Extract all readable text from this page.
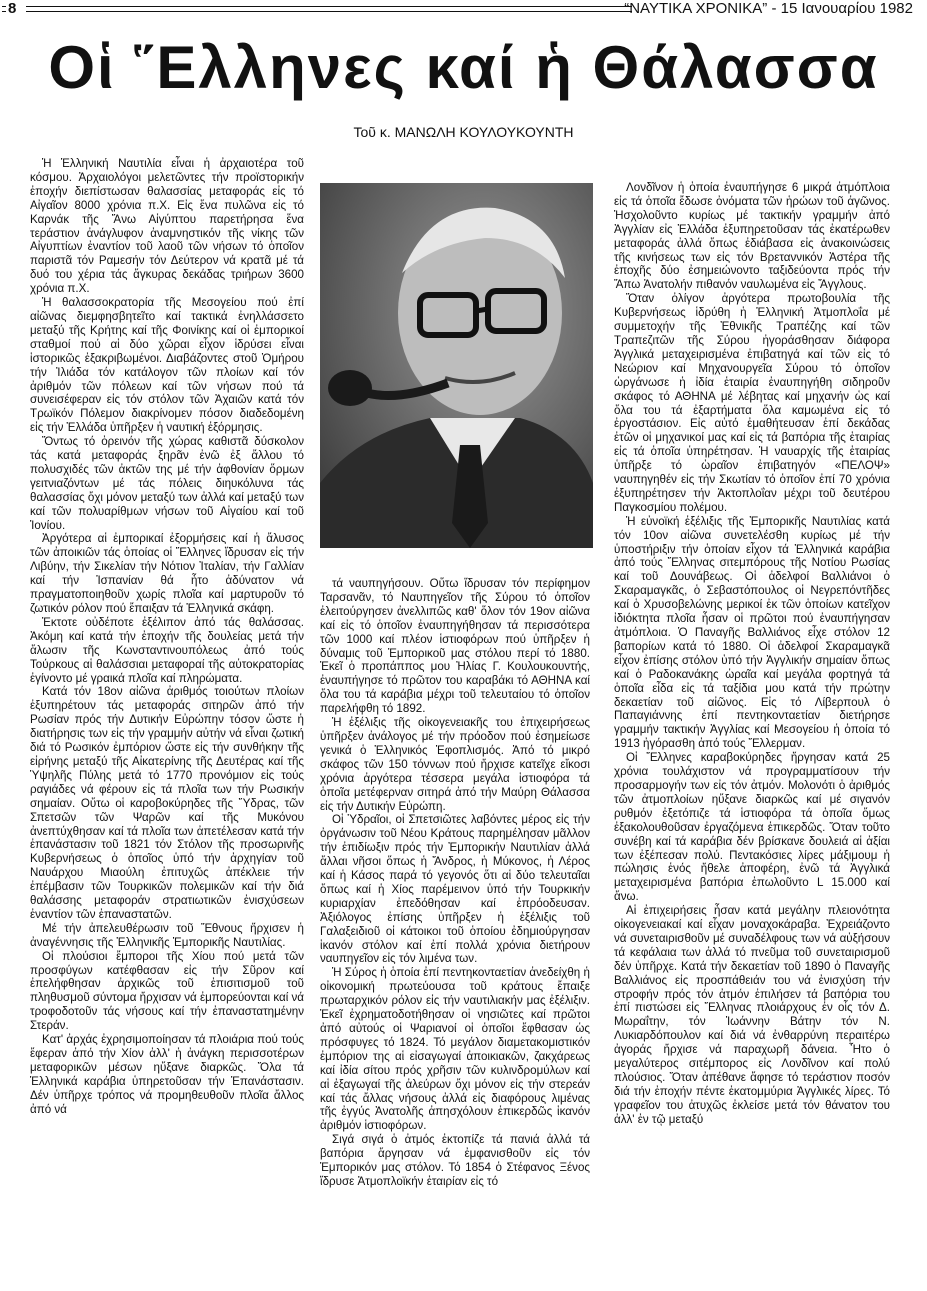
8	“ΝΑΥΤΙΚΑ ΧΡΟΝΙΚΑ” - 15 Ιανουαρίου 1982
Οἱ ῞Ελληνες καί ἡ Θάλασσα
Τοῦ κ. ΜΑΝΩΛΗ ΚΟΥΛΟΥΚΟΥΝΤΗ

Ἡ Ἑλληνική Ναυτιλία εἶναι ἡ ἀρχαιοτέρα τοῦ κόσμου. Ἀρχαιολόγοι μελετῶντες τήν προϊστορικήν ἐποχήν διεπίστωσαν θαλασσίας μεταφοράς εἰς τό Αἰγαῖον 8000 χρόνια π.Χ. Εἰς ἕνα πυλῶνα εἰς τό Καρνάκ τῆς Ἄνω Αἰγύπτου παρετήρησα ἕνα τεράστιον ἀνάγλυφον ἀναμνηστικόν τῆς νίκης τῶν Αἰγυπτίων ἐναντίον τοῦ λαοῦ τῶν νήσων τό ὁποῖον παριστᾶ τόν Ραμεσήν τόν Δεύτερον νά κρατᾶ μέ τά δυό του χέρια τάς ἄγκυρας δεκάδας τριήρων 3600 χρόνια π.Χ.

Ἡ θαλασσοκρατορία τῆς Μεσογείου πού ἐπί αἰῶνας διεμφησβητεῖτο καί τακτικά ἐνηλλάσσετο μεταξύ τῆς Κρήτης καί τῆς Φοινίκης καί οἱ ἐμπορικοί σταθμοί πού αἱ δύο χῶραι εἶχον ἱδρύσει εἶναι ἱστορικῶς ἐξακριβωμένοι. Διαβάζοντες στοῦ Ὁμήρου τήν Ἰλιάδα τόν κατάλογον τῶν πλοίων καί τόν ἀριθμόν τῶν πόλεων καί τῶν νήσων πού τά συνεισέφεραν εἰς τόν στόλον τῶν Ἀχαιῶν κατά τόν Τρωϊκόν Πόλεμον διακρίνομεν πόσον διαδεδομένη εἰς τήν Ἑλλάδα ὑπῆρξεν ἡ ναυτική ἐξόρμησις.

Ὄντως τό ὀρεινόν τῆς χώρας καθιστᾶ δύσκολον τάς κατά μεταφοράς ξηρᾶν ἐνῶ ἐξ ἄλλου τό πολυσχιδές τῶν ἀκτῶν της μέ τήν ἀφθονίαν ὅρμων γειτνιαζόντων μέ τάς πόλεις διηυκόλυνα τάς θαλασσίας ὄχι μόνον μεταξύ των ἀλλά καί μεταξύ των καί τῶν πολυαρίθμων νήσων τοῦ Αἰγαίου καί τοῦ Ἰονίου.

Ἀργότερα αἱ ἐμπορικαί ἐξορμήσεις καί ἡ ἄλυσος τῶν ἀποικιῶν τάς ὁποίας οἱ Ἕλληνες ἵδρυσαν εἰς τήν Λιβύην, τήν Σικελίαν τήν Νότιον Ἰταλίαν, τήν Γαλλίαν καί τήν Ἱσπανίαν θά ἦτο ἀδύνατον νά πραγματοποιηθοῦν χωρίς πλοῖα καί μαρτυροῦν τό ζωτικόν ρόλον πού ἔπαιξαν τά Ἑλληνικά σκάφη.

Ἐκτοτε οὐδέποτε ἐξέλιπον ἀπό τάς θαλάσσας. Ἀκόμη καί κατά τήν ἐποχήν τῆς δουλείας μετά τήν ἅλωσιν τῆς Κωνσταντινουπόλεως ἀπό τούς Τούρκους αἱ θαλάσσιαι μεταφοραί τῆς αὐτοκρατορίας ἐγίνοντο μέ γραικά πλοῖα καί πληρώματα.

Κατά τόν 18ον αἰῶνα ἀριθμός τοιούτων πλοίων ἐξυπηρέτουν τάς μεταφοράς σιτηρῶν ἀπό τήν Ρωσίαν πρός τήν Δυτικήν Εὐρώπην τόσον ὥστε ἡ διατήρησις των εἰς τήν γραμμήν αὐτήν νά εἶναι ζωτική διά τό Ρωσικόν ἐμπόριον ὥστε εἰς τήν συνθήκην τῆς εἰρήνης μεταξύ τῆς Αἰκατερίνης τῆς Δευτέρας καί τῆς Ὑψηλῆς Πύλης μετά τό 1770 προνόμιον εἰς τούς ραγιάδες νά φέρουν εἰς τά πλοῖα των τήν Ρωσικήν σημαίαν. Οὕτω οἱ καροβοκύρηδες τῆς Ὕδρας, τῶν Σπετσῶν τῶν Ψαρῶν καί τῆς Μυκόνου ἀνεπτύχθησαν καί τά πλοῖα των ἀπετέλεσαν κατά τήν ἐπανάστασιν τοῦ 1821 τόν Στόλον τῆς προσωρινῆς Κυβερνήσεως ὁ ὁποῖος ὑπό τήν ἀρχηγίαν τοῦ Ναυάρχου Μιαούλη ἐπιτυχῶς ἀπέκλειε τήν ἐπέμβασιν τῶν Τουρκικῶν πολεμικῶν καί τήν διά θαλάσσης μεταφοράν στρατιωτικῶν ἐνισχύσεων ἐναντίον τῶν ἐπαναστατῶν.

Μέ τήν ἀπελευθέρωσιν τοῦ Ἔθνους ἤρχισεν ἡ ἀναγέννησις τῆς Ἑλληνικῆς Ἐμπορικῆς Ναυτιλίας.

Οἱ πλούσιοι ἔμποροι τῆς Χίου πού μετά τῶν προσφύγων κατέφθασαν εἰς τήν Σῦρον καί ἐπελήφθησαν ἀρχικῶς τοῦ ἐπισιτισμοῦ τοῦ πληθυσμοῦ σύντομα ἤρχισαν νά ἐμπορεύονται καί νά τροφοδοτοῦν τάς νήσους καί τήν ἐπαναστατημένην Στεράν.

Κατ' ἀρχάς ἐχρησιμοποίησαν τά πλοιάρια πού τούς ἔφεραν ἀπό τήν Χίον ἀλλ' ἡ ἀνάγκη περισσοτέρων μεταφορικῶν μέσων ηὔξανε διαρκῶς. Ὅλα τά Ἑλληνικά καράβια ὑπηρετοῦσαν τήν Ἐπανάστασιν. Δέν ὑπῆρχε τρόπος νά προμηθευθοῦν πλοῖα ἄλλος ἀπό νά

τά ναυπηγήσουν. Οὕτω ἵδρυσαν τόν περίφημον Ταρσανᾶν, τό Ναυπηγεῖον τῆς Σύρου τό ὁποῖον ἐλειτούργησεν ἀνελλιπῶς καθ' ὅλον τόν 19ον αἰῶνα καί εἰς τό ὁποῖον ἐναυπηγήθησαν τά περισσότερα τῶν 1000 καί πλέον ἱστιοφόρων πού ὑπῆρξεν ἡ δύναμις τοῦ Ἐμπορικοῦ μας στόλου περί τό 1880. Ἐκεῖ ὁ προπάππος μου Ἠλίας Γ. Κουλουκουντής, ἐναυπήγησε τό πρῶτον του καραβάκι τό ΑΘΗΝΑ καί ὅλα του τά καράβια μέχρι τοῦ τελευταίου τό ὁποῖον παρελήφθη τό 1892.

Ἡ ἐξέλιξις τῆς οἰκογενειακῆς του ἐπιχειρήσεως ὑπῆρξεν ἀνάλογος μέ τήν πρόοδον πού ἐσημείωσε γενικά ὁ Ἑλληνικός Ἐφοπλισμός. Ἀπό τό μικρό σκάφος τῶν 150 τόννων πού ἤρχισε κατεῖχε εἴκοσι χρόνια ἀργότερα τέσσερα μεγάλα ἱστιοφόρα τά ὁποῖα μετέφερναν σιτηρά ἀπό τήν Μαύρη Θάλασσα εἰς τήν Δυτικήν Εὐρώπη.

Οἱ Ὑδραῖοι, οἱ Σπετσιῶτες λαβόντες μέρος εἰς τήν ὀργάνωσιν τοῦ Νέου Κράτους παρημέλησαν μᾶλλον τήν ἐπιδίωξιν πρός τήν Ἐμπορικήν Ναυτιλίαν ἀλλά ἄλλαι νῆσοι ὅπως ἡ Ἄνδρος, ἡ Μύκονος, ἡ Λέρος καί ἡ Κάσος παρά τό γεγονός ὅτι αἱ δύο τελευταῖαι ὅπως καί ἡ Χίος παρέμεινον ὑπό τήν Τουρκικήν κυριαρχίαν ἐπεδόθησαν καί ἐπρόοδευσαν. Ἀξιόλογος ἐπίσης ὑπῆρξεν ἡ ἐξέλιξις τοῦ Γαλαξειδιοῦ οἱ κάτοικοι τοῦ ὁποίου ἐδημιούργησαν ἱκανόν στόλον καί ἐπί πολλά χρόνια διετήρουν ναυπηγεῖον εἰς τόν λιμένα των.

Ἡ Σύρος ἡ ὁποία ἐπί πεντηκονταετίαν ἀνεδείχθη ἡ οἰκονομική πρωτεύουσα τοῦ κράτους ἔπαιξε πρωταρχικόν ρόλον εἰς τήν ναυτιλιακήν μας ἐξέλιξιν. Ἐκεῖ ἐχρηματοδοτήθησαν οἱ νησιῶτες καί πρῶτοι ἀπό αὐτούς οἱ Ψαριανοί οἱ ὁποῖοι ἔφθασαν ὡς πρόσφυγες τό 1824. Τό μεγάλον διαμετακομιστικόν ἐμπόριον της αἱ εἰσαγωγαί ἀποικιακῶν, ζακχάρεως καί ἰδία σίτου πρός χρῆσιν τῶν κυλινδρομύλων καί αἱ ἐξαγωγαί τῆς ἀλεύρων ὄχι μόνον εἰς τήν στερεάν καί τάς ἄλλας νήσους ἀλλά εἰς διαφόρους λιμένας τῆς ἐγγύς Ἀνατολῆς ἀπησχόλουν ἐπικερδῶς ἱκανόν ἀριθμόν ἱστιοφόρων.

Σιγά σιγά ὁ ἀτμός ἐκτοπίζε τά πανιά ἀλλά τά βαπόρια ἄργησαν νά ἐμφανισθοῦν εἰς τόν Ἐμπορικόν μας στόλον. Τό 1854 ὁ Στέφανος Ξένος ἵδρυσε Ἀτμοπλοϊκήν ἑταιρίαν εἰς τό

Λονδῖνον ἡ ὁποία ἐναυπήγησε 6 μικρά ἀτμόπλοια εἰς τά ὁποῖα ἔδωσε ὀνόματα τῶν ἡρώων τοῦ ἀγῶνος. Ἠσχολοῦντο κυρίως μέ τακτικήν γραμμήν ἀπό Ἀγγλίαν εἰς Ἑλλάδα ἐξυπηρετοῦσαν τάς ἑκατέρωθεν μεταφοράς ἀλλά ὅπως ἐδιάβασα εἰς ἀνακοινώσεις τῆς κινήσεως των εἰς τόν Βρεταννικόν Ἀστέρα τῆς ἐποχῆς δύο ἐσημειώνοντο ταξιδεύοντα πρός τήν Ἄπω Ἀνατολήν πιθανόν ναυλωμένα εἰς Ἄγγλους.

Ὅταν ὀλίγον ἀργότερα πρωτοβουλία τῆς Κυβερνήσεως ἱδρύθη ἡ Ἑλληνική Ἀτμοπλοΐα μέ συμμετοχήν τῆς Ἐθνικῆς Τραπέζης καί τῶν Τραπεζιτῶν τῆς Σύρου ἠγοράσθησαν διάφορα Ἀγγλικά μεταχειρισμένα ἐπιβατηγά καί τῶν εἰς τό Νεώριον καί Μηχανουργεῖα Σύρου τό ὁποῖον ὠργάνωσε ἡ ἰδία ἑταιρία ἐναυπηγήθη σιδηροῦν σκάφος τό ΑΘΗΝΑ μέ λέβητας καί μηχανήν ὡς καί ὅλα του τά ἐξαρτήματα ὅλα καμωμένα εἰς τό ἐργοστάσιον. Εἰς αὐτό ἐμαθήτευσαν ἐπί δεκάδας ἐτῶν οἱ μηχανικοί μας καί εἰς τά βαπόρια τῆς ἑταιρίας εἰς τά ὁποῖα ὑπηρέτησαν. Ἡ ναυαρχίς τῆς ἑταιρίας ὑπῆρξε τό ὡραῖον ἐπιβατηγόν «ΠΕΛΟΨ» ναυπηγηθέν εἰς τήν Σκωτίαν τό ὁποῖον ἐπί 70 χρόνια ἐξυπηρέτησεν τήν Ἀκτοπλοΐαν μέχρι τοῦ δευτέρου Παγκοσμίου πολέμου.

Ἡ εὐνοϊκή ἐξέλιξις τῆς Ἐμπορικῆς Ναυτιλίας κατά τόν 10ον αἰῶνα συνετελέσθη κυρίως μέ τήν ὑποστήριξιν τήν ὁποίαν εἶχον τά Ἑλληνικά καράβια ἀπό τούς Ἕλληνας σιτεμπόρους τῆς Νοτίου Ρωσίας καί τοῦ Δουνάβεως. Οἱ ἀδελφοί Βαλλιάνοι ὁ Σκαραμαγκᾶς, ὁ Σεβαστόπουλος οἱ Νεγρεπόντῆδες καί ὁ Χρυσοβελώνης μερικοί ἐκ τῶν ὁποίων κατεῖχον ἰδιόκτητα πλοῖα ἦσαν οἱ πρῶτοι πού ἐναυπήγησαν ἀτμόπλοια. Ὁ Παναγῆς Βαλλιάνος εἶχε στόλον 12 βαπορίων κατά τό 1880. Οἱ ἀδελφοί Σκαραμαγκᾶ εἶχον ἐπίσης στόλον ὑπό τήν Ἀγγλικήν σημαίαν ὅπως καί ὁ Ραδοκανάκης ὡραῖα καί μεγάλα φορτηγά τά ὁποῖα εἶδα εἰς τά ταξίδια μου κατά τήν πρώτην δεκαετίαν τοῦ αἰῶνος. Εἰς τό Λίβερπουλ ὁ Παπαγιάννης ἐπί πεντηκονταετίαν διετήρησε γραμμήν τακτικήν Ἀγγλίας καί Μεσογείου ἡ ὁποία τό 1913 ἠγόρασθη ἀπό τούς Ἕλλερμαν.

Οἱ Ἕλληνες καραβοκύρηδες ἤργησαν κατά 25 χρόνια τουλάχιστον νά προγραμματίσουν τήν προσαρμογήν των εἰς τόν ἀτμόν. Μολονότι ὁ ἀριθμός τῶν ἀτμοπλοίων ηὔξανε διαρκῶς καί μέ σιγανόν ρυθμόν ἐξετόπιζε τά ἱστιοφόρα τά ὁποῖα ὅμως ἐξακολουθοῦσαν ἐργαζόμενα ἐπικερδῶς. Ὅταν τοῦτο συνέβη καί τά καράβια δέν βρίσκανε δουλειά αἱ ἀξίαι των ἐξέπεσαν πολύ. Πεντακόσιες λίρες μάξιμουμ ἡ πώλησις ἑνός ἤθελε ἀποφέρη, ἐνῶ τά Ἀγγλικά μεταχειρισμένα βαπόρια ἐπωλοῦντο L 15.000 καί ἄνω.

Αἱ ἐπιχειρήσεις ἦσαν κατά μεγάλην πλειονότητα οἰκογενειακαί καί εἶχαν μοναχοκάραβα. Ἐχρειάζοντο νά συνεταιρισθοῦν μέ συναδέλφους των νά αὐξήσουν τά κεφάλαια των ἀλλά τό πνεῦμα τοῦ συνεταιρισμοῦ δέν ὑπῆρχε. Κατά τήν δεκαετίαν τοῦ 1890 ὁ Παναγῆς Βαλλιάνος εἰς προσπάθειάν του νά ἐνισχύση τήν στροφήν πρός τόν ἀτμόν ἐπιλήσεν τά βαπόρια του ἐπί πιστώσει εἰς Ἕλληνας πλοιάρχους ἐν οἷς τόν Δ. Μωραΐτην, τόν Ἰωάννην Βάτην τόν Ν. Λυκιαρδόπουλον καί διά νά ἐνθαρρύνη περαιτέρω ἀγοράς ἤρχισε νά παραχωρῆ δάνεια. Ἦτο ὁ μεγαλύτερος σιτέμπορος εἰς Λονδῖνον καί πολύ πλούσιος. Ὅταν ἀπέθανε ἄφησε τό τεράστιον ποσόν διά τήν ἐποχήν πέντε ἑκατομμύρια Ἀγγλικές λίρες. Τό γραφεῖον του ἀτυχῶς ἐκλείσε μετά τόν θάνατον του ἀλλ' ἐν τῷ μεταξύ
